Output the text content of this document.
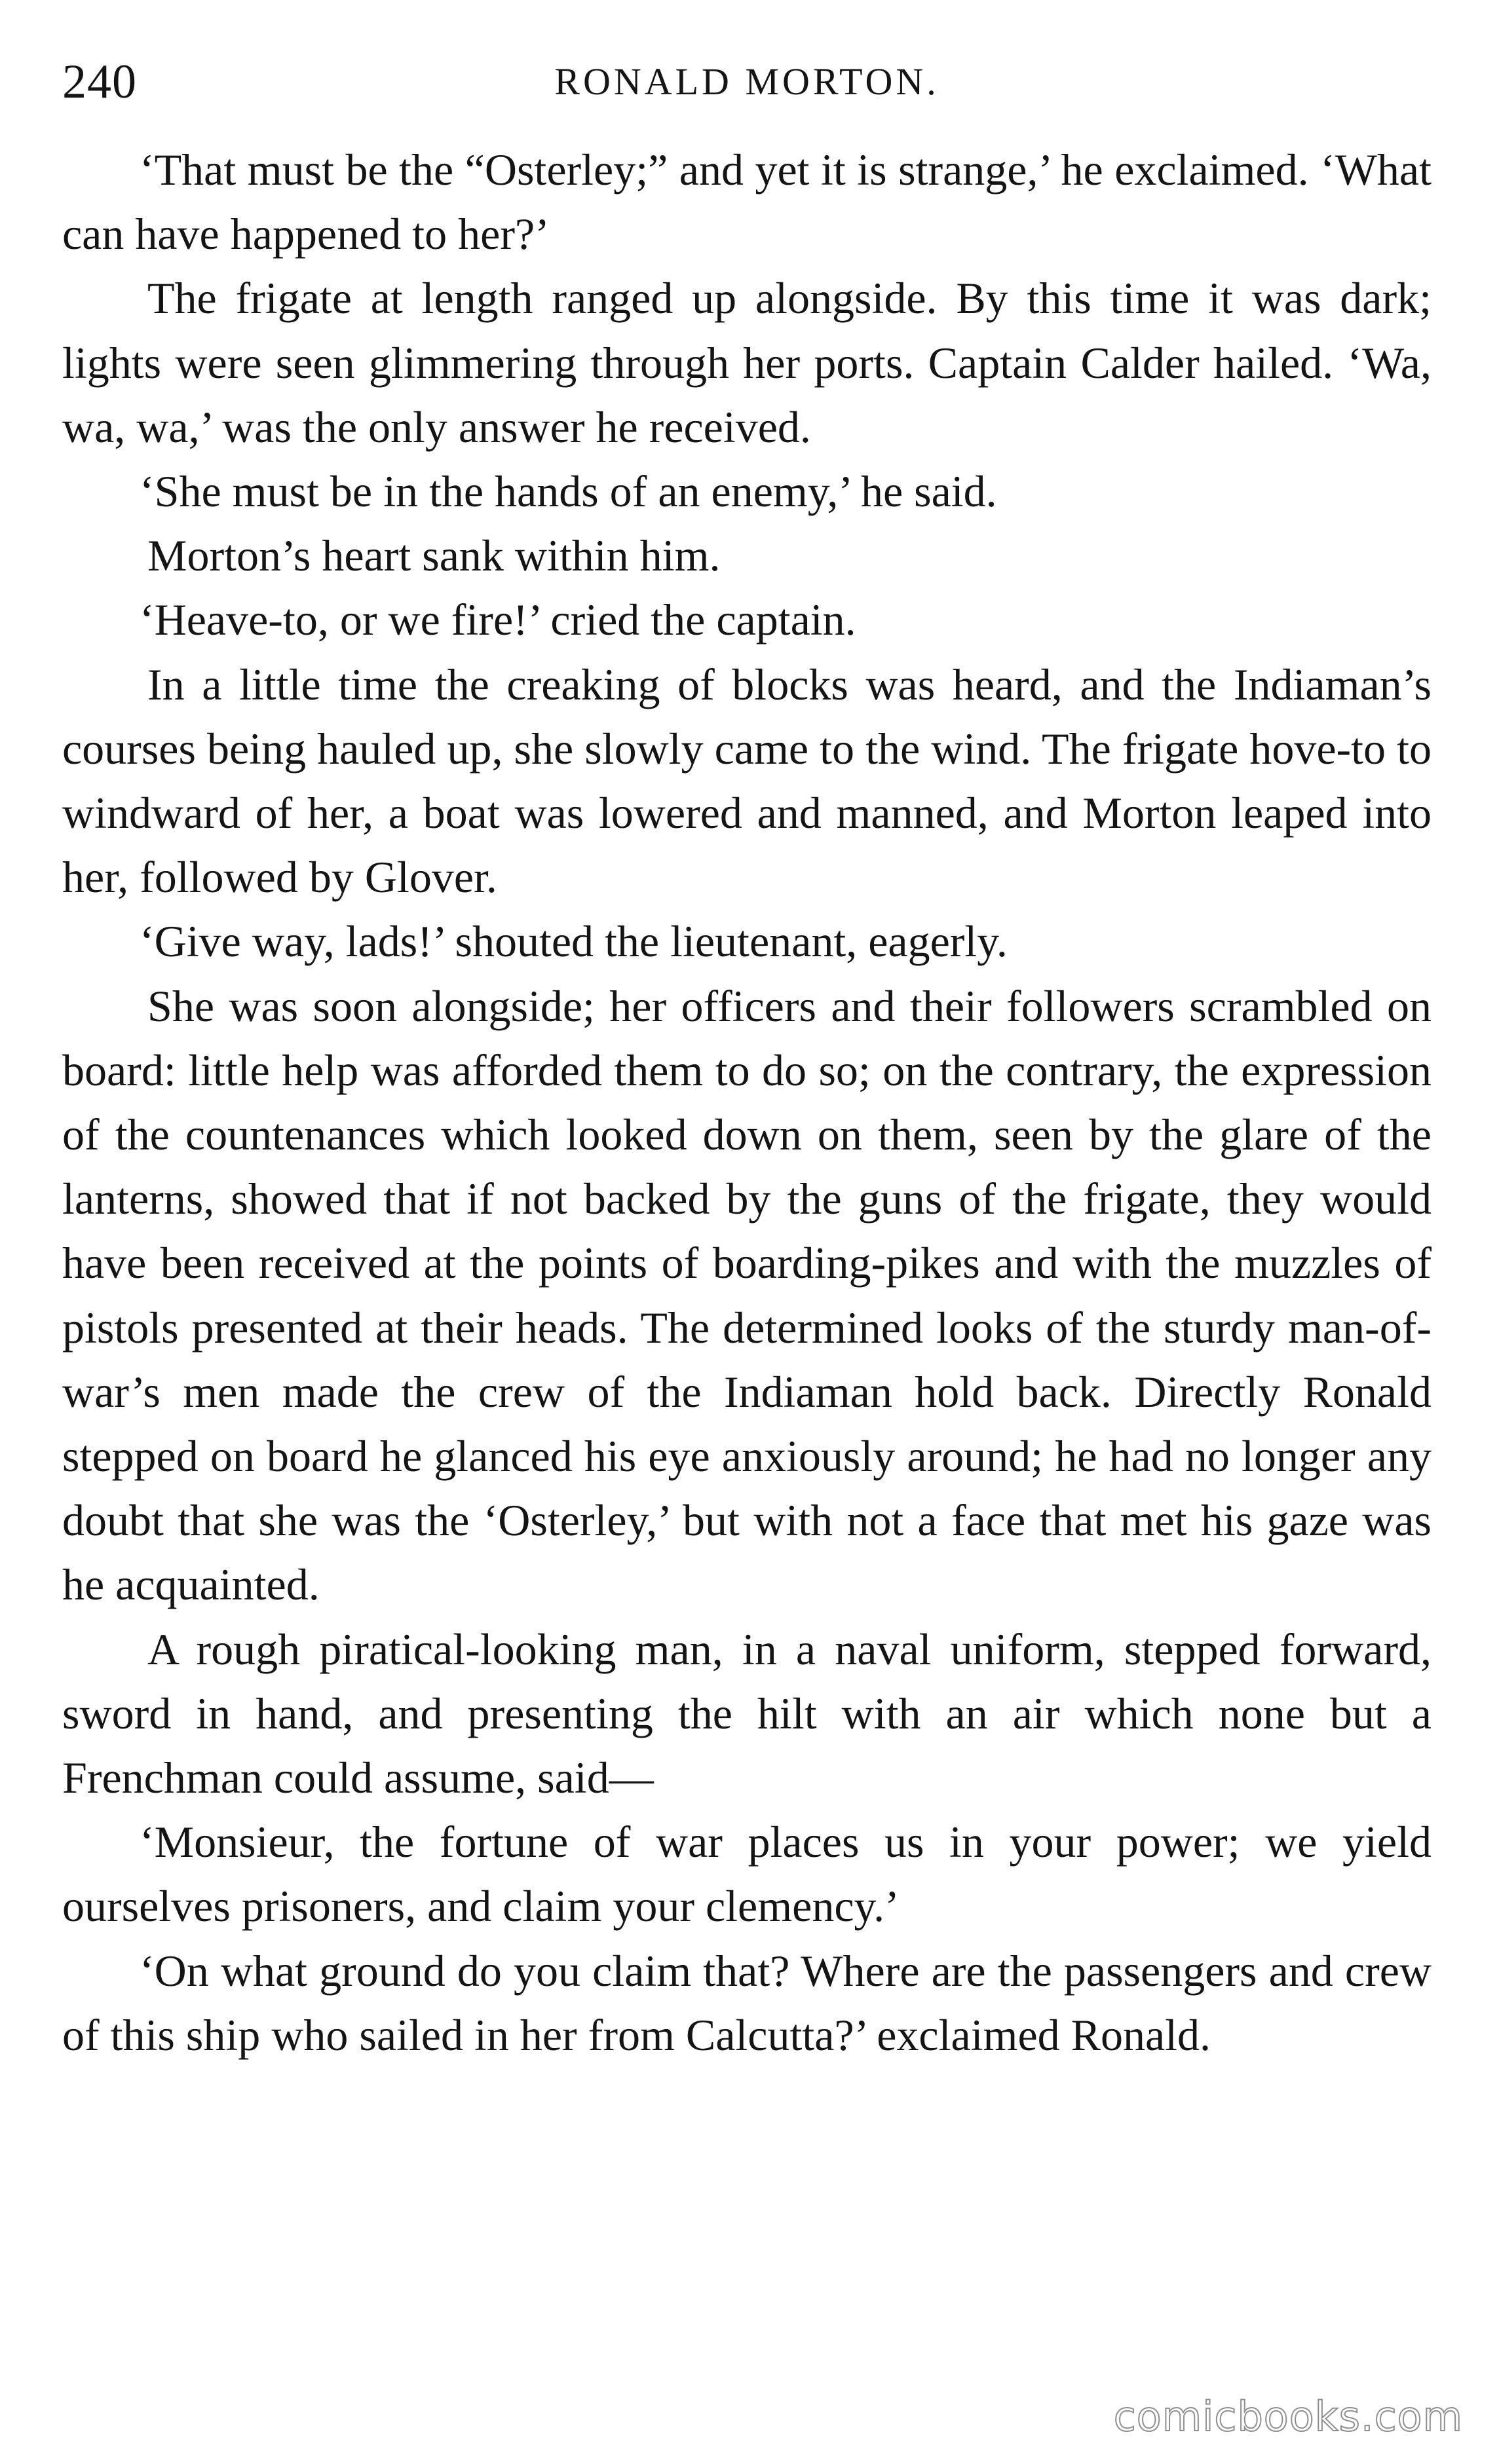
240	RONALD MORTON.

‘That must be the “Osterley;” and yet it is strange,’ he exclaimed. ‘What can have happened to her?’

The frigate at length ranged up alongside. By this time it was dark; lights were seen glimmering through her ports. Captain Calder hailed. ‘Wa, wa, wa,’ was the only answer he received.

‘She must be in the hands of an enemy,’ he said.

Morton’s heart sank within him.

‘Heave-to, or we fire!’ cried the captain.

In a little time the creaking of blocks was heard, and the Indiaman’s courses being hauled up, she slowly came to the wind. The frigate hove-to to windward of her, a boat was lowered and manned, and Morton leaped into her, followed by Glover.

‘Give way, lads!’ shouted the lieutenant, eagerly.

She was soon alongside; her officers and their followers scrambled on board: little help was afforded them to do so; on the contrary, the expression of the countenances which looked down on them, seen by the glare of the lanterns, showed that if not backed by the guns of the frigate, they would have been received at the points of boarding-pikes and with the muzzles of pistols presented at their heads. The determined looks of the sturdy man-of-war’s men made the crew of the Indiaman hold back. Directly Ronald stepped on board he glanced his eye anxiously around; he had no longer any doubt that she was the ‘Osterley,’ but with not a face that met his gaze was he acquainted.

A rough piratical-looking man, in a naval uniform, stepped forward, sword in hand, and presenting the hilt with an air which none but a Frenchman could assume, said—

‘Monsieur, the fortune of war places us in your power; we yield ourselves prisoners, and claim your clemency.’

‘On what ground do you claim that? Where are the passengers and crew of this ship who sailed in her from Calcutta?’ exclaimed Ronald.

comicbooks.com
